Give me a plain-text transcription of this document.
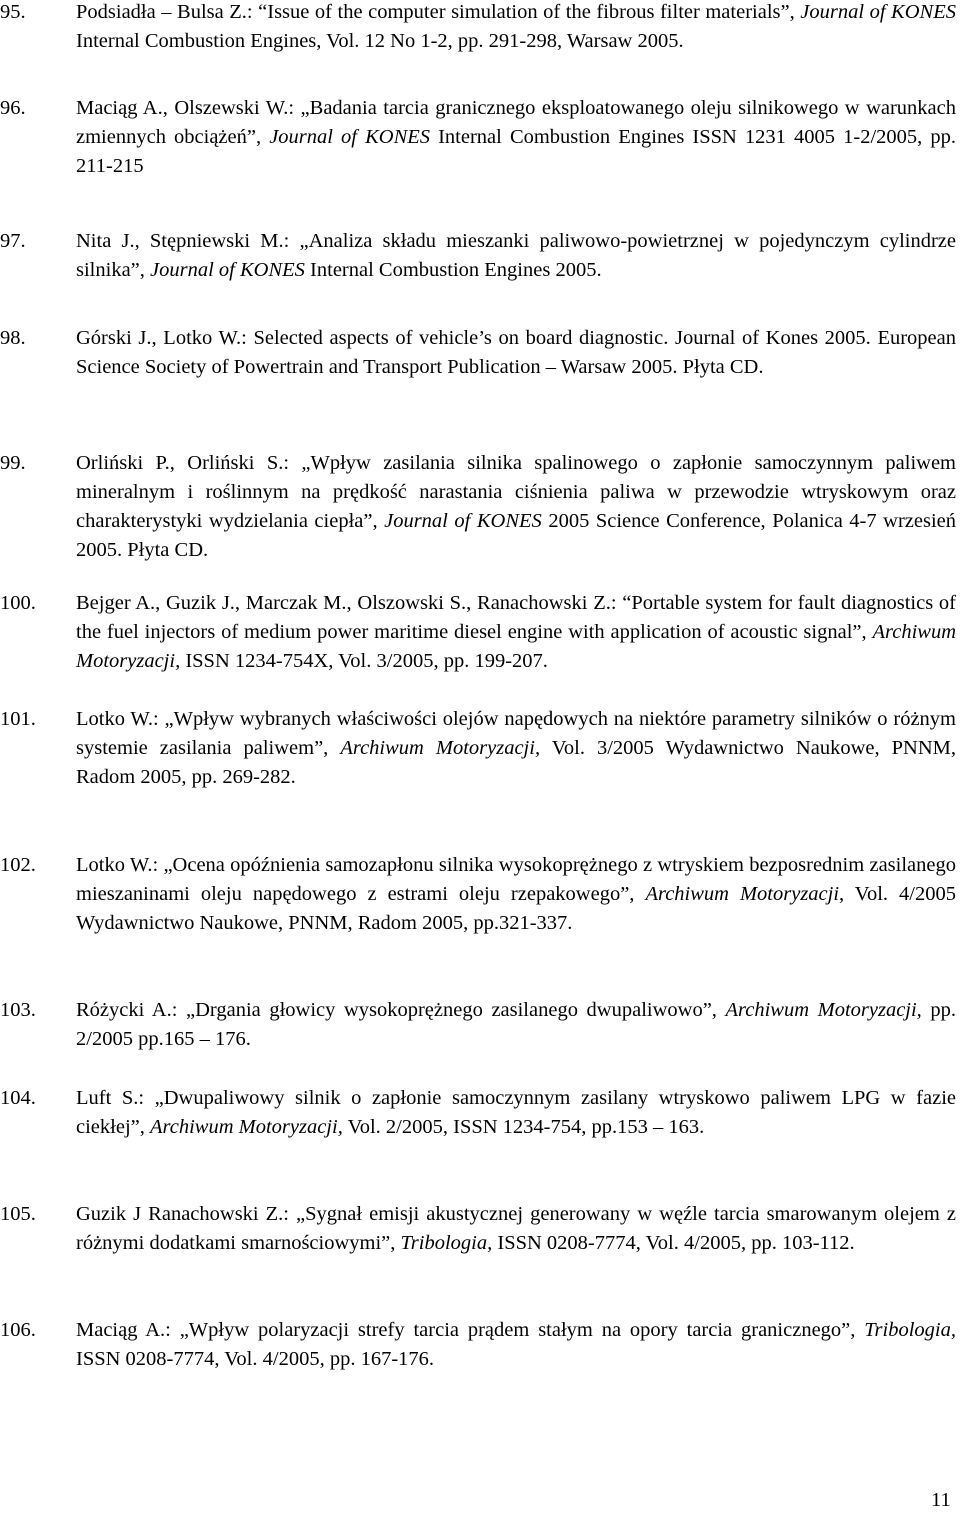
95. Podsiadła – Bulsa Z.: “Issue of the computer simulation of the fibrous filter materials”, Journal of KONES Internal Combustion Engines, Vol. 12 No 1-2, pp. 291-298, Warsaw 2005.
96. Maciąg A., Olszewski W.: „Badania tarcia granicznego eksploatowanego oleju silnikowego w warunkach zmiennych obciążeń”, Journal of KONES Internal Combustion Engines ISSN 1231 4005 1-2/2005, pp. 211-215
97. Nita J., Stępniewski M.: „Analiza składu mieszanki paliwowo-powietrznej w pojedynczym cylindrze silnika”, Journal of KONES Internal Combustion Engines 2005.
98. Górski J., Lotko W.: Selected aspects of vehicle’s on board diagnostic. Journal of Kones 2005. European Science Society of Powertrain and Transport Publication – Warsaw 2005. Płyta CD.
99. Orliński P., Orliński S.: „Wpływ zasilania silnika spalinowego o zapłonie samoczynnym paliwem mineralnym i roślinnym na prędkość narastania ciśnienia paliwa w przewodzie wtryskowym oraz charakterystyki wydzielania ciepła”, Journal of KONES 2005 Science Conference, Polanica 4-7 wrzesień 2005. Płyta CD.
100. Bejger A., Guzik J., Marczak M., Olszowski S., Ranachowski Z.: “Portable system for fault diagnostics of the fuel injectors of medium power maritime diesel engine with application of acoustic signal”, Archiwum Motoryzacji, ISSN 1234-754X, Vol. 3/2005, pp. 199-207.
101. Lotko W.: „Wpływ wybranych właściwości olejów napędowych na niektóre parametry silników o różnym systemie zasilania paliwem”, Archiwum Motoryzacji, Vol. 3/2005 Wydawnictwo Naukowe, PNNM, Radom 2005, pp. 269-282.
102. Lotko W.: „Ocena opóźnienia samozapłonu silnika wysokoprężnego z wtryskiem bezposrednim zasilanego mieszaninami oleju napędowego z estrami oleju rzepakowego”, Archiwum Motoryzacji, Vol. 4/2005 Wydawnictwo Naukowe, PNNM, Radom 2005, pp.321-337.
103. Różycki A.: „Drgania głowicy wysokoprężnego zasilanego dwupaliwowo”, Archiwum Motoryzacji, pp. 2/2005 pp.165 – 176.
104. Luft S.: „Dwupaliwowy silnik o zapłonie samoczynnym zasilany wtryskowo paliwem LPG w fazie ciekłej”, Archiwum Motoryzacji, Vol. 2/2005, ISSN 1234-754, pp.153 – 163.
105. Guzik J Ranachowski Z.: „Sygnał emisji akustycznej generowany w węźle tarcia smarowanym olejem z różnymi dodatkami smarnościowymi”, Tribologia, ISSN 0208-7774, Vol. 4/2005, pp. 103-112.
106. Maciąg A.: „Wpływ polaryzacji strefy tarcia prądem stałym na opory tarcia granicznego”, Tribologia, ISSN 0208-7774, Vol. 4/2005, pp. 167-176.
11
